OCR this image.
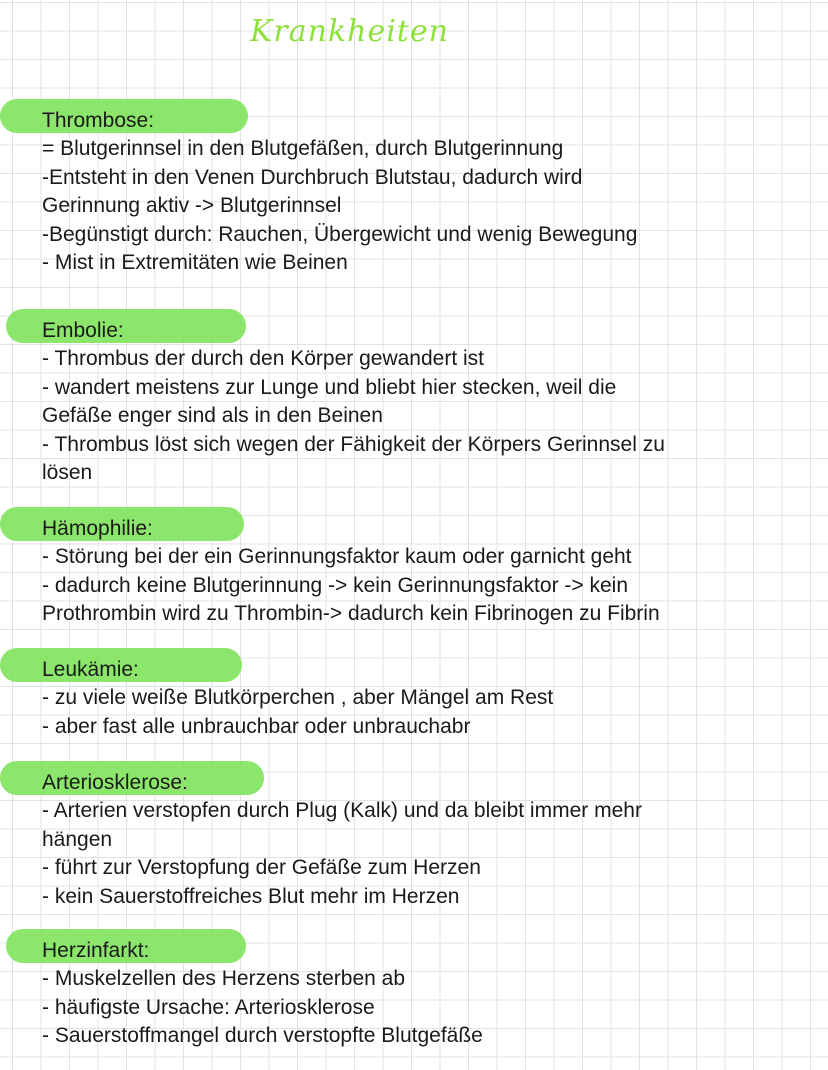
Krankheiten
Thrombose:
= Blutgerinnsel in den Blutgefäßen, durch Blutgerinnung
-Entsteht in den Venen Durchbruch Blutstau, dadurch wird
Gerinnung aktiv -> Blutgerinnsel
-Begünstigt durch: Rauchen, Übergewicht und wenig Bewegung
- Mist in Extremitäten wie Beinen
Embolie:
- Thrombus der durch den Körper gewandert ist
- wandert meistens zur Lunge und bliebt hier stecken, weil die
Gefäße enger sind als in den Beinen
- Thrombus löst sich wegen der Fähigkeit der Körpers Gerinnsel zu
lösen
Hämophilie:
- Störung bei der ein Gerinnungsfaktor kaum oder garnicht geht
- dadurch keine Blutgerinnung -> kein Gerinnungsfaktor -> kein
Prothrombin wird zu Thrombin-> dadurch kein Fibrinogen zu Fibrin
Leukämie:
- zu viele weiße Blutkörperchen , aber Mängel am Rest
- aber fast alle unbrauchbar oder unbrauchabr
Arteriosklerose:
- Arterien verstopfen durch Plug (Kalk) und da bleibt immer mehr
hängen
- führt zur Verstopfung der Gefäße zum Herzen
- kein Sauerstoffreiches Blut mehr im Herzen
Herzinfarkt:
- Muskelzellen des Herzens sterben ab
- häufigste Ursache: Arteriosklerose
- Sauerstoffmangel durch verstopfte Blutgefäße
